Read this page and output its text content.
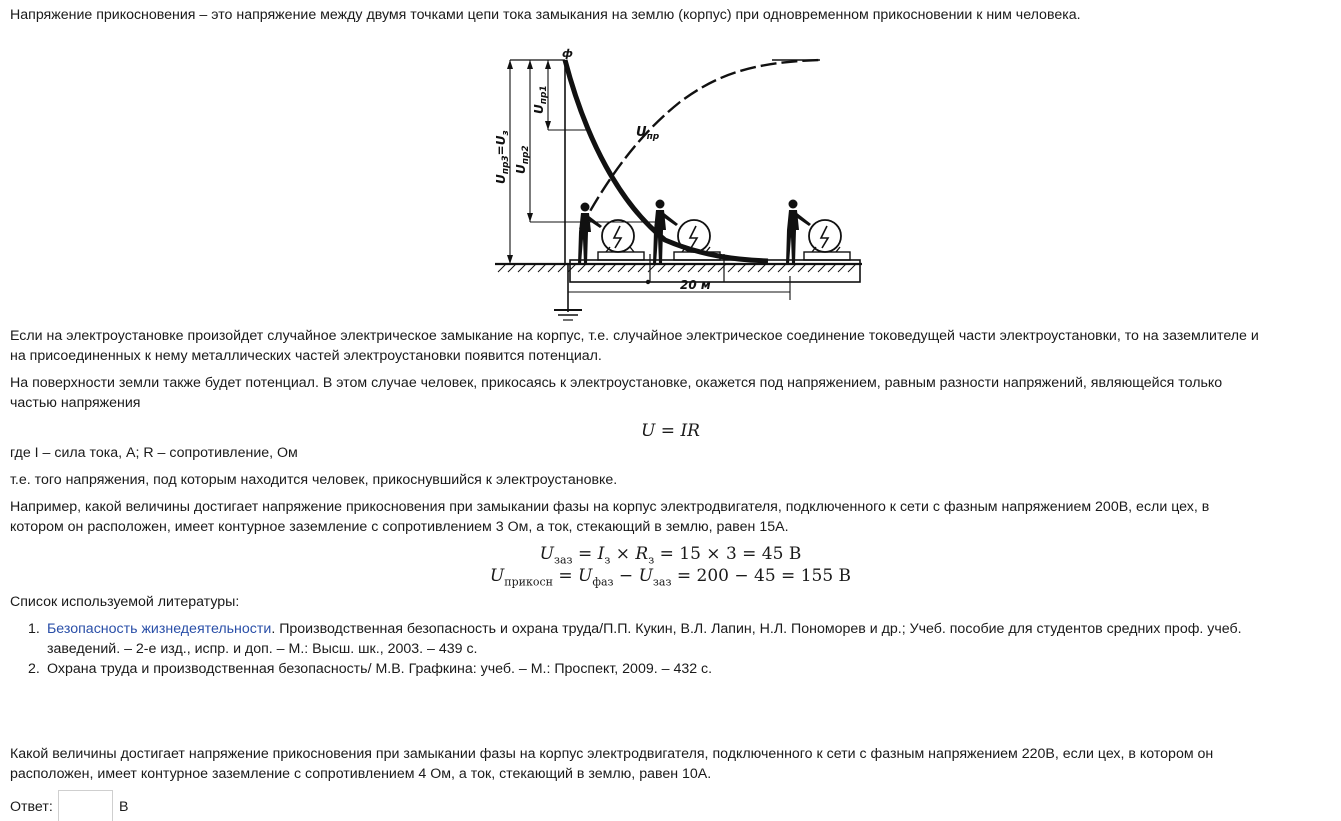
Напряжение прикосновения – это напряжение между двумя точками цепи тока замыкания на землю (корпус) при одновременном прикосновении к ним человека.

ф
$U_{пр}$
$U_{пр1}$
$U_{пр2}$
$U_{пр3}=U_з$
20 м

Если на электроустановке произойдет случайное электрическое замыкание на корпус, т.е. случайное электрическое соединение токоведущей части электроустановки, то на заземлителе и

на присоединенных к нему металлических частей электроустановки появится потенциал.

На поверхности земли также будет потенциал. В этом случае человек, прикосаясь к электроустановке, окажется под напряжением, равным разности напряжений, являющейся только

частью напряжения

U = IR

где I – сила тока, А; R – сопротивление, Ом

т.е. того напряжения, под которым находится человек, прикоснувшийся к электроустановке.

Например, какой величины достигает напряжение прикосновения при замыкании фазы на корпус электродвигателя, подключенного к сети с фазным напряжением 200В, если цех, в

котором он расположен, имеет контурное заземление с сопротивлением 3 Ом, а ток, стекающий в землю, равен 15А.

$U_{заз} = I_з \times R_з = 15 \times 3 = 45$ В
$U_{прикосн} = U_{фаз} - U_{заз} = 200 - 45 = 155$ В

Список используемой литературы:

1. Безопасность жизнедеятельности. Производственная безопасность и охрана труда/П.П. Кукин, В.Л. Лапин, Н.Л. Пономорев и др.; Учеб. пособие для студентов средних проф. учеб.
заведений. – 2-е изд., испр. и доп. – М.: Высш. шк., 2003. – 439 с.
2. Охрана труда и производственная безопасность/ М.В. Графкина: учеб. – М.: Проспект, 2009. – 432 с.

Какой величины достигает напряжение прикосновения при замыкании фазы на корпус электродвигателя, подключенного к сети с фазным напряжением 220В, если цех, в котором он

расположен, имеет контурное заземление с сопротивлением 4 Ом, а ток, стекающий в землю, равен 10А.

Ответ:	В
